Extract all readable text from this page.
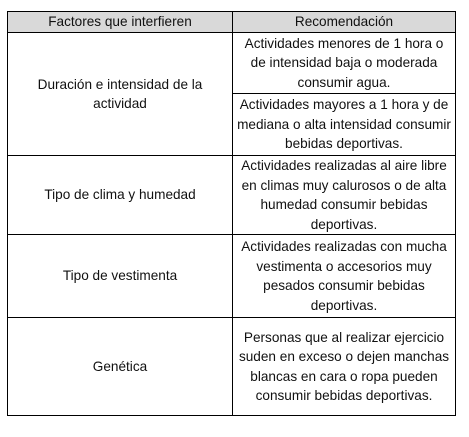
Factores que interfieren	Recomendación
Duración e intensidad de la actividad	Actividades menores de 1 hora o de intensidad baja o moderada consumir agua.
	Actividades mayores a 1 hora y de mediana o alta intensidad consumir bebidas deportivas.
Tipo de clima y humedad	Actividades realizadas al aire libre en climas muy calurosos o de alta humedad consumir bebidas deportivas.
Tipo de vestimenta	Actividades realizadas con mucha vestimenta o accesorios muy pesados consumir bebidas deportivas.
Genética	Personas que al realizar ejercicio suden en exceso o dejen manchas blancas en cara o ropa pueden consumir bebidas deportivas.
